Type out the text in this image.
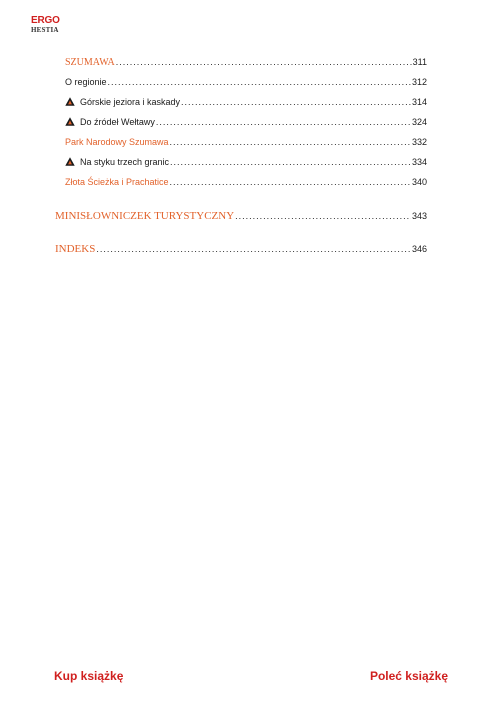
ERGO
HESTIA
SZUMAWA .....	311
O regionie .....	312
Górskie jeziora i kaskady .....	314
Do źródeł Wełtawy .....	324
Park Narodowy Szumawa .....	332
Na styku trzech granic .....	334
Złota Ścieżka i Prachatice .....	340
MINISŁOWNICZEK TURYSTYCZNY .....	343
INDEKS .....	346
Kup książkę	Poleć książkę
